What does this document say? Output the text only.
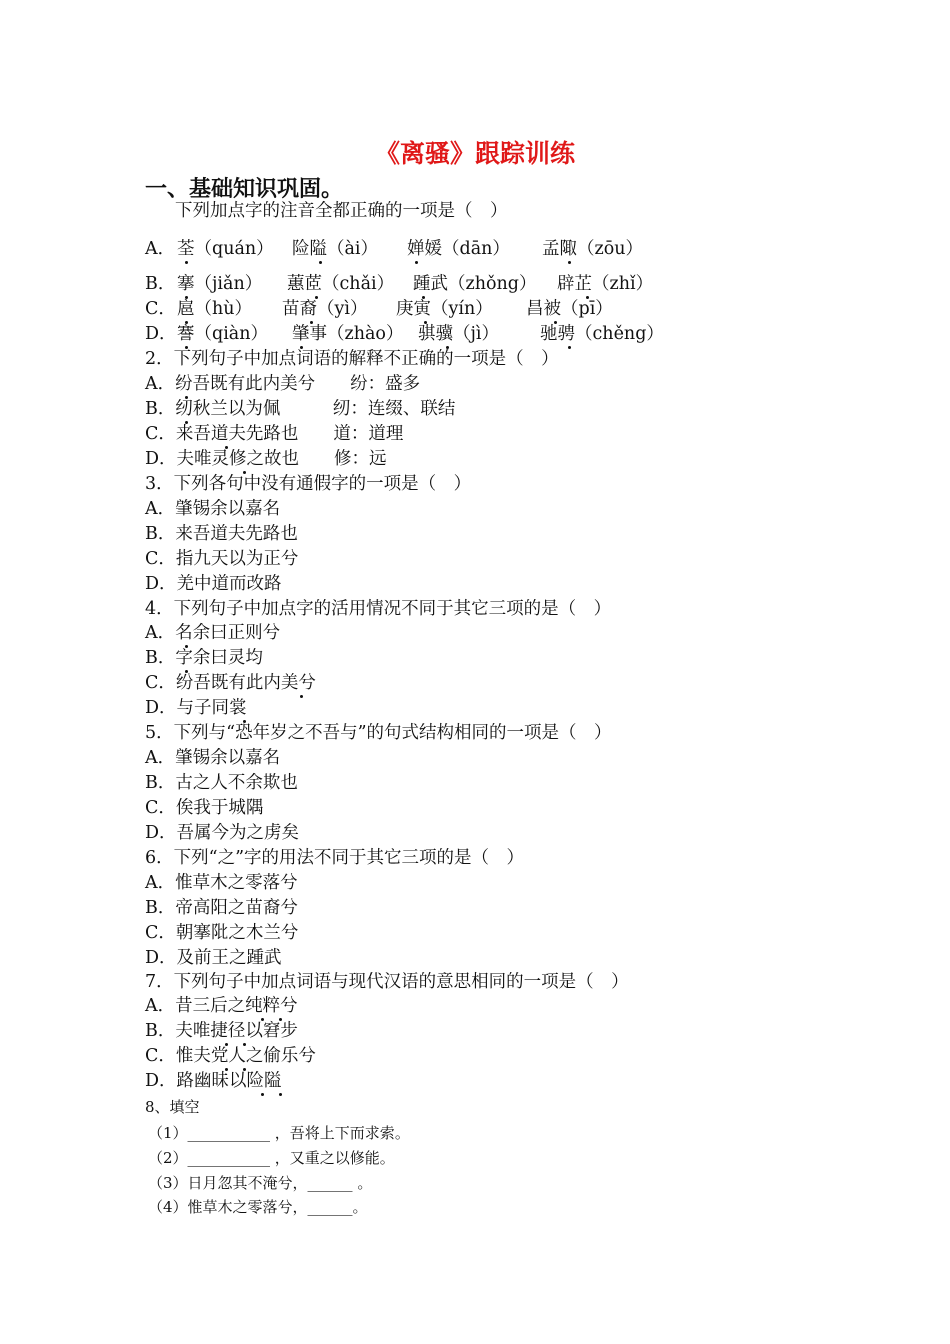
《离骚》跟踪训练
一、基础知识巩固。
下列加点字的注音全都正确的一项是（　）

A．

荃（quán）

险隘（ài）

婵媛（dān）

孟陬（zōu）

B．

搴（jiǎn）

蕙茝（chǎi）

踵武（zhǒng）

辟芷（zhǐ）

C．

扈（hù）

苗裔（yì）

庚寅（yín）

昌被（pī）

D．

謇（qiàn）

肇事（zhào）

骐骥（jì）

驰骋（chěng）

2．下列句子中加点词语的解释不正确的一项是（　）
A．纷吾既有此内美兮　　纷：盛多
B．纫秋兰以为佩　　　纫：连缀、联结
C．来吾道夫先路也　　道：道理
D．夫唯灵修之故也　　修：远
3．下列各句中没有通假字的一项是（　）
A．肇锡余以嘉名
B．来吾道夫先路也
C．指九天以为正兮
D．羌中道而改路
4．下列句子中加点字的活用情况不同于其它三项的是（　）
A．名余曰正则兮
B．字余曰灵均
C．纷吾既有此内美兮
D．与子同裳
5．下列与“恐年岁之不吾与”的句式结构相同的一项是（　）
A．肇锡余以嘉名
B．古之人不余欺也
C．俟我于城隅
D．吾属今为之虏矣
6．下列“之”字的用法不同于其它三项的是（　）
A．惟草木之零落兮
B．帝高阳之苗裔兮
C．朝搴阰之木兰兮
D．及前王之踵武
7．下列句子中加点词语与现代汉语的意思相同的一项是（　）
A．昔三后之纯粹兮
B．夫唯捷径以窘步
C．惟夫党人之偷乐兮
D．路幽昧以险隘
8、填空
（1）___________ ，吾将上下而求索。
（2）___________ ，又重之以修能。
（3）日月忽其不淹兮，______ 。
（4）惟草木之零落兮，______。
